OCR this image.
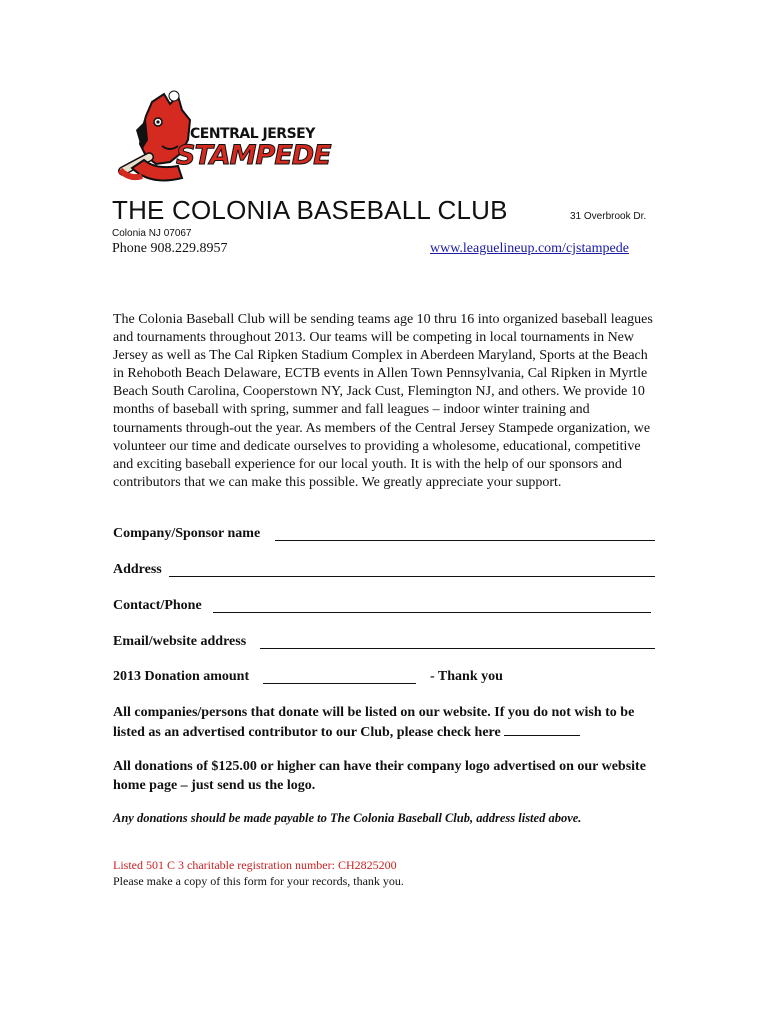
CENTRAL JERSEY
STAMPEDE
THE COLONIA BASEBALL CLUB	31 Overbrook Dr.
Colonia NJ 07067
Phone 908.229.8957	www.leaguelineup.com/cjstampede
The Colonia Baseball Club will be sending teams age 10 thru 16 into organized baseball leagues and tournaments throughout 2013. Our teams will be competing in local tournaments in New Jersey as well as The Cal Ripken Stadium Complex in Aberdeen Maryland, Sports at the Beach in Rehoboth Beach Delaware, ECTB events in Allen Town Pennsylvania, Cal Ripken in Myrtle Beach South Carolina, Cooperstown NY, Jack Cust, Flemington NJ, and others. We provide 10 months of baseball with spring, summer and fall leagues – indoor winter training and tournaments through-out the year. As members of the Central Jersey Stampede organization, we volunteer our time and dedicate ourselves to providing a wholesome, educational, competitive and exciting baseball experience for our local youth. It is with the help of our sponsors and contributors that we can make this possible. We greatly appreciate your support.
Company/Sponsor name
Address
Contact/Phone
Email/website address
2013 Donation amount	- Thank you
All companies/persons that donate will be listed on our website. If you do not wish to be listed as an advertised contributor to our Club, please check here
All donations of $125.00 or higher can have their company logo advertised on our website home page – just send us the logo.
Any donations should be made payable to The Colonia Baseball Club, address listed above.
Listed 501 C 3 charitable registration number: CH2825200
Please make a copy of this form for your records, thank you.
